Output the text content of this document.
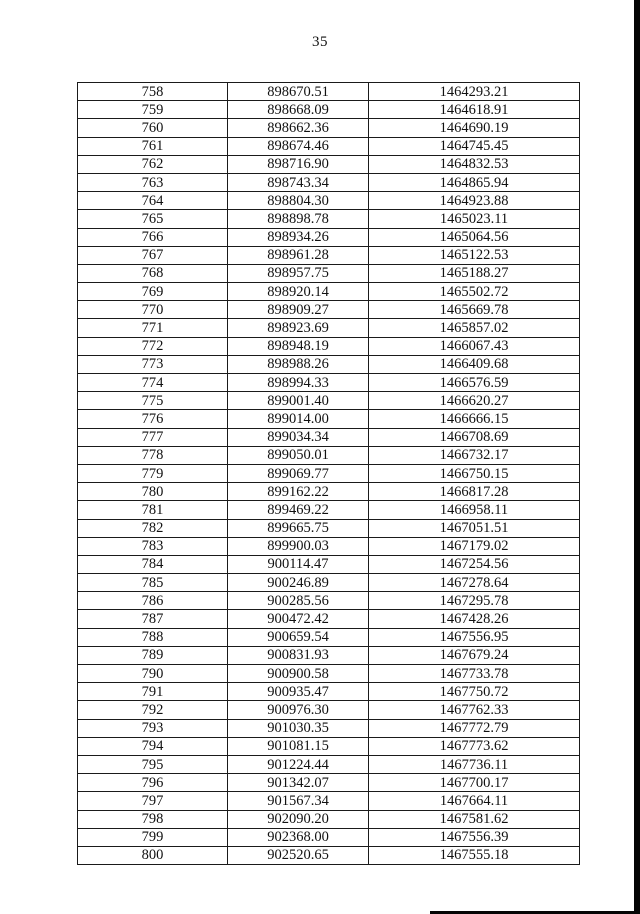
35
758	898670.51	1464293.21
759	898668.09	1464618.91
760	898662.36	1464690.19
761	898674.46	1464745.45
762	898716.90	1464832.53
763	898743.34	1464865.94
764	898804.30	1464923.88
765	898898.78	1465023.11
766	898934.26	1465064.56
767	898961.28	1465122.53
768	898957.75	1465188.27
769	898920.14	1465502.72
770	898909.27	1465669.78
771	898923.69	1465857.02
772	898948.19	1466067.43
773	898988.26	1466409.68
774	898994.33	1466576.59
775	899001.40	1466620.27
776	899014.00	1466666.15
777	899034.34	1466708.69
778	899050.01	1466732.17
779	899069.77	1466750.15
780	899162.22	1466817.28
781	899469.22	1466958.11
782	899665.75	1467051.51
783	899900.03	1467179.02
784	900114.47	1467254.56
785	900246.89	1467278.64
786	900285.56	1467295.78
787	900472.42	1467428.26
788	900659.54	1467556.95
789	900831.93	1467679.24
790	900900.58	1467733.78
791	900935.47	1467750.72
792	900976.30	1467762.33
793	901030.35	1467772.79
794	901081.15	1467773.62
795	901224.44	1467736.11
796	901342.07	1467700.17
797	901567.34	1467664.11
798	902090.20	1467581.62
799	902368.00	1467556.39
800	902520.65	1467555.18
